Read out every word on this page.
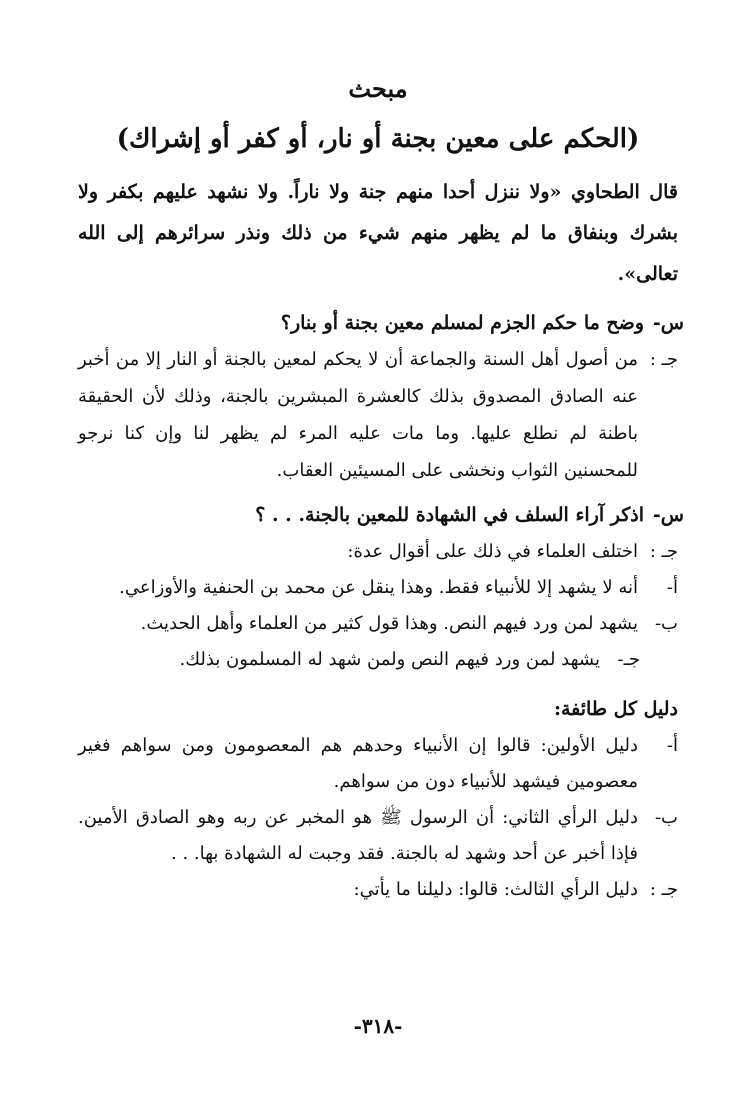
مبحث
(الحكم على معين بجنة أو نار، أو كفر أو إشراك)

قال الطحاوي «ولا ننزل أحدا منهم جنة ولا ناراً. ولا نشهد عليهم بكفر ولا بشرك وبنفاق ما لم يظهر منهم شيء من ذلك ونذر سرائرهم إلى الله تعالى».

س-
وضح ما حكم الجزم لمسلم معين بجنة أو بنار؟
جـ :
من أصول أهل السنة والجماعة أن لا يحكم لمعين بالجنة أو النار إلا من أخبر عنه الصادق المصدوق بذلك كالعشرة المبشرين بالجنة، وذلك لأن الحقيقة باطنة لم نطلع عليها. وما مات عليه المرء لم يظهر لنا وإن كنا نرجو للمحسنين الثواب ونخشى على المسيئين العقاب.
س-
اذكر آراء السلف في الشهادة للمعين بالجنة. . . ؟
جـ :
اختلف العلماء في ذلك على أقوال عدة:
أ-
أنه لا يشهد إلا للأنبياء فقط. وهذا ينقل عن محمد بن الحنفية والأوزاعي.
ب-
يشهد لمن ورد فيهم النص. وهذا قول كثير من العلماء وأهل الحديث.
جـ-
يشهد لمن ورد فيهم النص ولمن شهد له المسلمون بذلك.
دليل كل طائفة:
أ-
دليل الأولين: قالوا إن الأنبياء وحدهم هم المعصومون ومن سواهم فغير معصومين فيشهد للأنبياء دون من سواهم.
ب-
دليل الرأي الثاني: أن الرسول ﷺ هو المخبر عن ربه وهو الصادق الأمين. فإذا أخبر عن أحد وشهد له بالجنة. فقد وجبت له الشهادة بها. . .
جـ :
دليل الرأي الثالث: قالوا: دليلنا ما يأتي:
-٣١٨-
